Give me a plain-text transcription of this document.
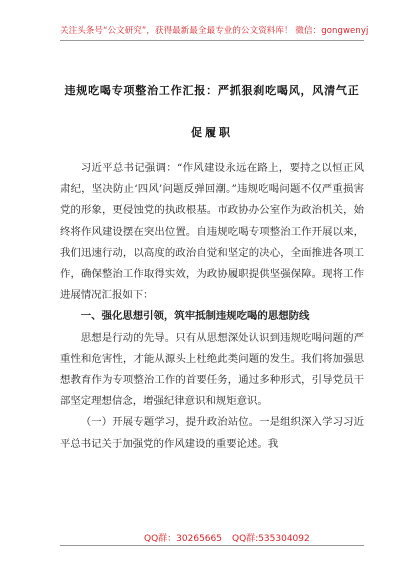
关注头条号“公文研究”，获得最新最全最专业的公文资料库！ 微信：gongwenyj
违规吃喝专项整治工作汇报：严抓狠刹吃喝风，风清气正
促履职

习近平总书记强调：“作风建设永远在路上，要持之以恒正风肃纪，坚决防止‘四风’问题反弹回潮。”违规吃喝问题不仅严重损害党的形象，更侵蚀党的执政根基。市政协办公室作为政治机关，始终将作风建设摆在突出位置。自违规吃喝专项整治工作开展以来，我们迅速行动，以高度的政治自觉和坚定的决心，全面推进各项工作，确保整治工作取得实效，为政协履职提供坚强保障。现将工作进展情况汇报如下：

一、强化思想引领，筑牢抵制违规吃喝的思想防线

思想是行动的先导。只有从思想深处认识到违规吃喝问题的严重性和危害性，才能从源头上杜绝此类问题的发生。我们将加强思想教育作为专项整治工作的首要任务，通过多种形式，引导党员干部坚定理想信念，增强纪律意识和规矩意识。

（一）开展专题学习，提升政治站位。一是组织深入学习习近平总书记关于加强党的作风建设的重要论述。我

QQ群：30265665 QQ群:535304092
